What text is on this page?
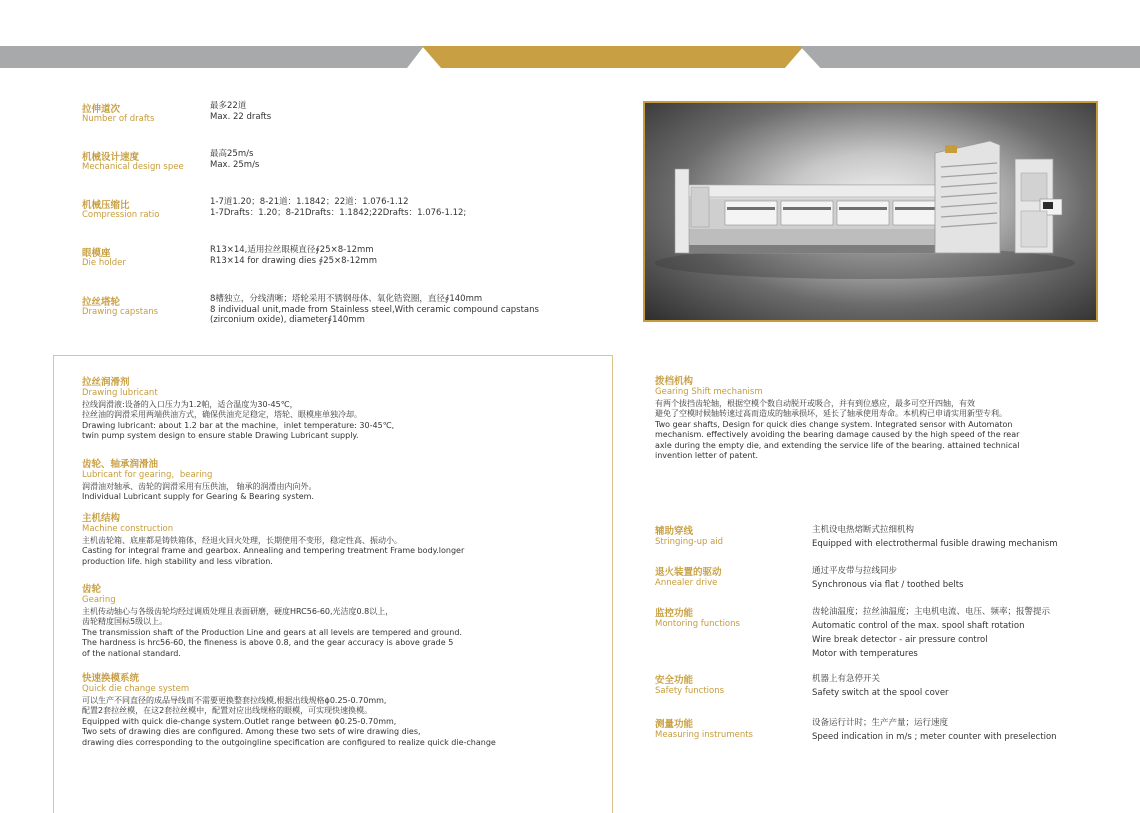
拉伸道次
Number of drafts
最多22道
Max. 22 drafts
机械设计速度
Mechanical design spee
最高25m/s
Max. 25m/s
机械压缩比
Compression ratio
1-7道1.20；8-21道：1.1842；22道：1.076-1.12
1-7Drafts：1.20；8-21Drafts：1.1842;22Drafts：1.076-1.12;
眼模座
Die holder
R13×14,适用拉丝眼模直径∮25×8-12mm
R13×14 for drawing dies ∮25×8-12mm
拉丝塔轮
Drawing capstans
8槽独立，分线清晰；塔轮采用不锈钢母体、氧化锆瓷圈，直径∮140mm
8 individual unit,made from Stainless steel,With ceramic compound capstans
(zirconium oxide), diameter∮140mm
拉丝润滑剂
Drawing lubricant
拉线润滑液:设备的入口压力为1.2帕，适合温度为30-45℃，
拉丝油的润滑采用两端供油方式，确保供油充足稳定，塔轮、眼模座单独冷却。
Drawing lubricant: about 1.2 bar at the machine，inlet temperature: 30-45℃,
twin pump system design to ensure stable Drawing Lubricant supply.
齿轮、轴承润滑油
Lubricant for gearing，bearing
润滑油对轴承、齿轮的润滑采用有压供油， 轴承的润滑由内向外。
Individual Lubricant supply for Gearing & Bearing system.
主机结构
Machine construction
主机齿轮箱、底座都是铸铁箱体，经退火回火处理，长期使用不变形，稳定性高、振动小。
Casting for integral frame and gearbox. Annealing and tempering treatment Frame body.longer
production life. high stability and less vibration.
齿轮
Gearing
主机传动轴心与各级齿轮均经过调质处理且表面研磨，硬度HRC56-60,光洁度0.8以上，
齿轮精度国标5级以上。
The transmission shaft of the Production Line and gears at all levels are tempered and ground.
The hardness is hrc56-60, the fineness is above 0.8, and the gear accuracy is above grade 5
of the national standard.
快速换模系统
Quick die change system
可以生产不同直径的成品导线而不需要更换整套拉线模,根据出线规格ϕ0.25-0.70mm,
配置2套拉丝模，在这2套拉丝模中，配置对应出线规格的眼模，可实现快速换模。
Equipped with quick die-change system.Outlet range between ϕ0.25-0.70mm,
Two sets of drawing dies are configured. Among these two sets of wire drawing dies,
drawing dies corresponding to the outgoingline specification are configured to realize quick die-change
拨档机构
Gearing Shift mechanism
有两个拔挡齿轮轴，根据空模个数自动脱开或吸合，并有到位感应，最多可空开四轴，有效
避免了空模时候轴转速过高而造成的轴承损坏，延长了轴承使用寿命。本机构已申请实用新型专利。
Two gear shafts, Design for quick dies change system. Integrated sensor with Automaton
mechanism. effectively avoiding the bearing damage caused by the high speed of the rear
axle during the empty die, and extending the service life of the bearing. attained technical
invention letter of patent.
辅助穿线
Stringing-up aid
主机设电热熔断式拉细机构
Equipped with electrothermal fusible drawing mechanism
退火装置的驱动
Annealer drive
通过平皮带与拉线同步
Synchronous via flat / toothed belts
监控功能
Montoring functions
齿轮油温度；拉丝油温度；主电机电流、电压、频率；报警提示
Automatic control of the max. spool shaft rotation
Wire break detector - air pressure control
Motor with temperatures
安全功能
Safety functions
机器上有急停开关
Safety switch at the spool cover
测量功能
Measuring instruments
设备运行计时；生产产量；运行速度
Speed indication in m/s ; meter counter with preselection
